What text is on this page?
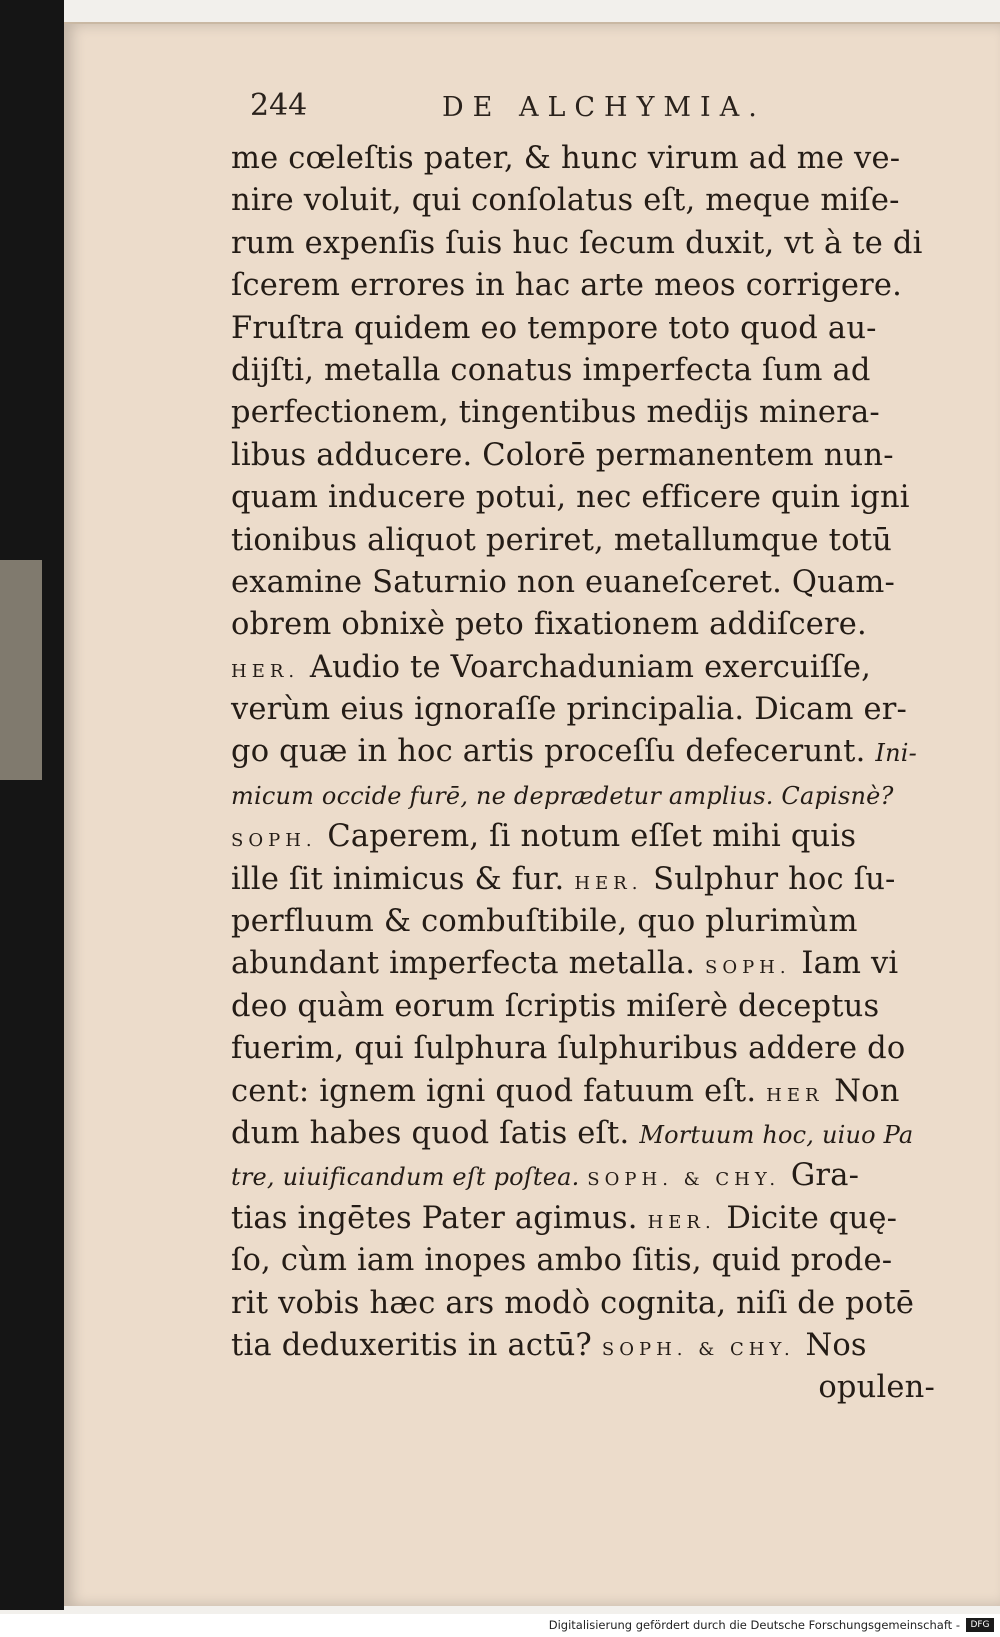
244	DE ALCHYMIA.
me cœleſtis pater, & hunc virum ad me ve-
nire voluit, qui conſolatus eſt, meque miſe-
rum expenſis ſuis huc ſecum duxit, vt à te di
ſcerem errores in hac arte meos corrigere.
Fruſtra quidem eo tempore toto quod au-
dijſti, metalla conatus imperfecta ſum ad
perfectionem, tingentibus medijs minera-
libus adducere. Colorē permanentem nun-
quam inducere potui, nec efficere quin igni
tionibus aliquot periret, metallumque totū
examine Saturnio non euaneſceret. Quam-
obrem obnixè peto fixationem addiſcere.
HER. Audio te Voarchaduniam exercuiſſe,
verùm eius ignoraſſe principalia. Dicam er-
go quæ in hoc artis proceſſu defecerunt. Ini-
micum occide furē, ne deprædetur amplius. Capisnè?
SOPH. Caperem, ſi notum eſſet mihi quis
ille ſit inimicus & fur. HER. Sulphur hoc ſu-
perfluum & combuſtibile, quo plurimùm
abundant imperfecta metalla. SOPH. Iam vi
deo quàm eorum ſcriptis miſerè deceptus
fuerim, qui ſulphura ſulphuribus addere do
cent: ignem igni quod fatuum eſt. HER Non
dum habes quod ſatis eſt. Mortuum hoc, uiuo Pa
tre, uiuificandum eſt poſtea. SOPH. & CHY. Gra-
tias ingētes Pater agimus. HER. Dicite quę-
ſo, cùm iam inopes ambo ſitis, quid prode-
rit vobis hæc ars modò cognita, niſi de potē
tia deduxeritis in actū? SOPH. & CHY. Nos
opulen-
Digitalisierung gefördert durch die Deutsche Forschungsgemeinschaft -	DFG
